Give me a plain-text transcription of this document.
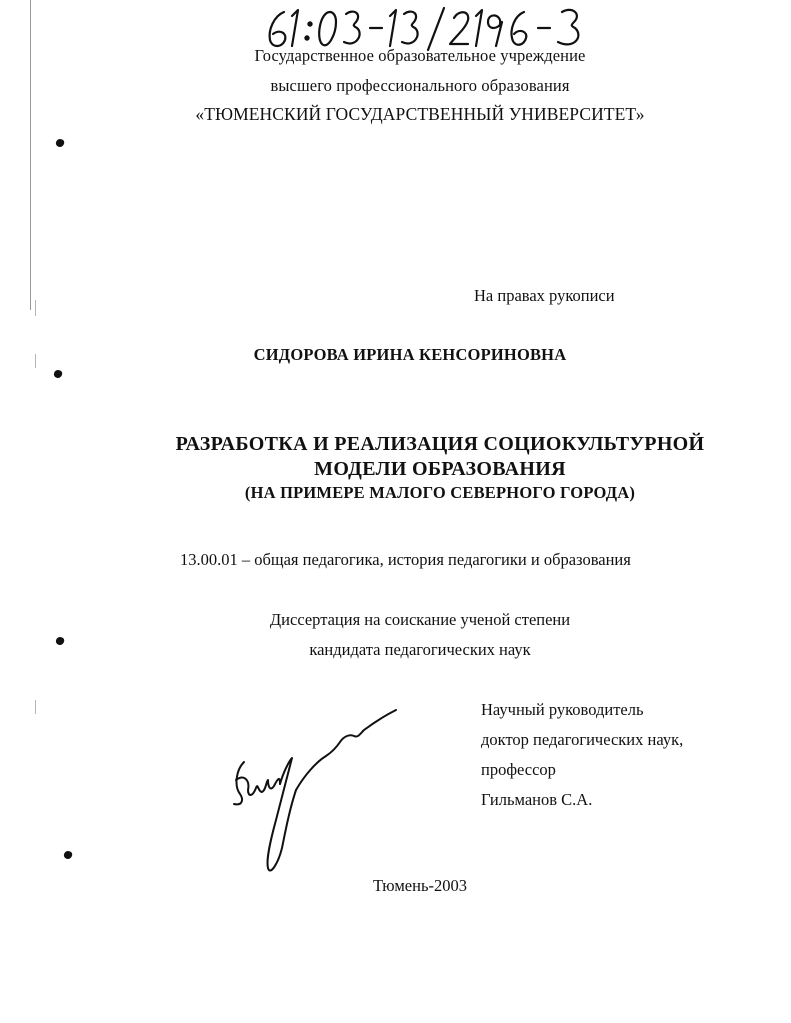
Государственное образовательное учреждение
высшего профессионального образования
«ТЮМЕНСКИЙ ГОСУДАРСТВЕННЫЙ УНИВЕРСИТЕТ»
На правах рукописи
СИДОРОВА ИРИНА КЕНСОРИНОВНА
РАЗРАБОТКА И РЕАЛИЗАЦИЯ СОЦИОКУЛЬТУРНОЙ
МОДЕЛИ ОБРАЗОВАНИЯ
(НА ПРИМЕРЕ МАЛОГО СЕВЕРНОГО ГОРОДА)
13.00.01 – общая педагогика, история педагогики и образования
Диссертация на соискание ученой степени
кандидата педагогических наук
Научный руководитель
доктор педагогических наук,
профессор
Гильманов С.А.
Тюмень-2003
